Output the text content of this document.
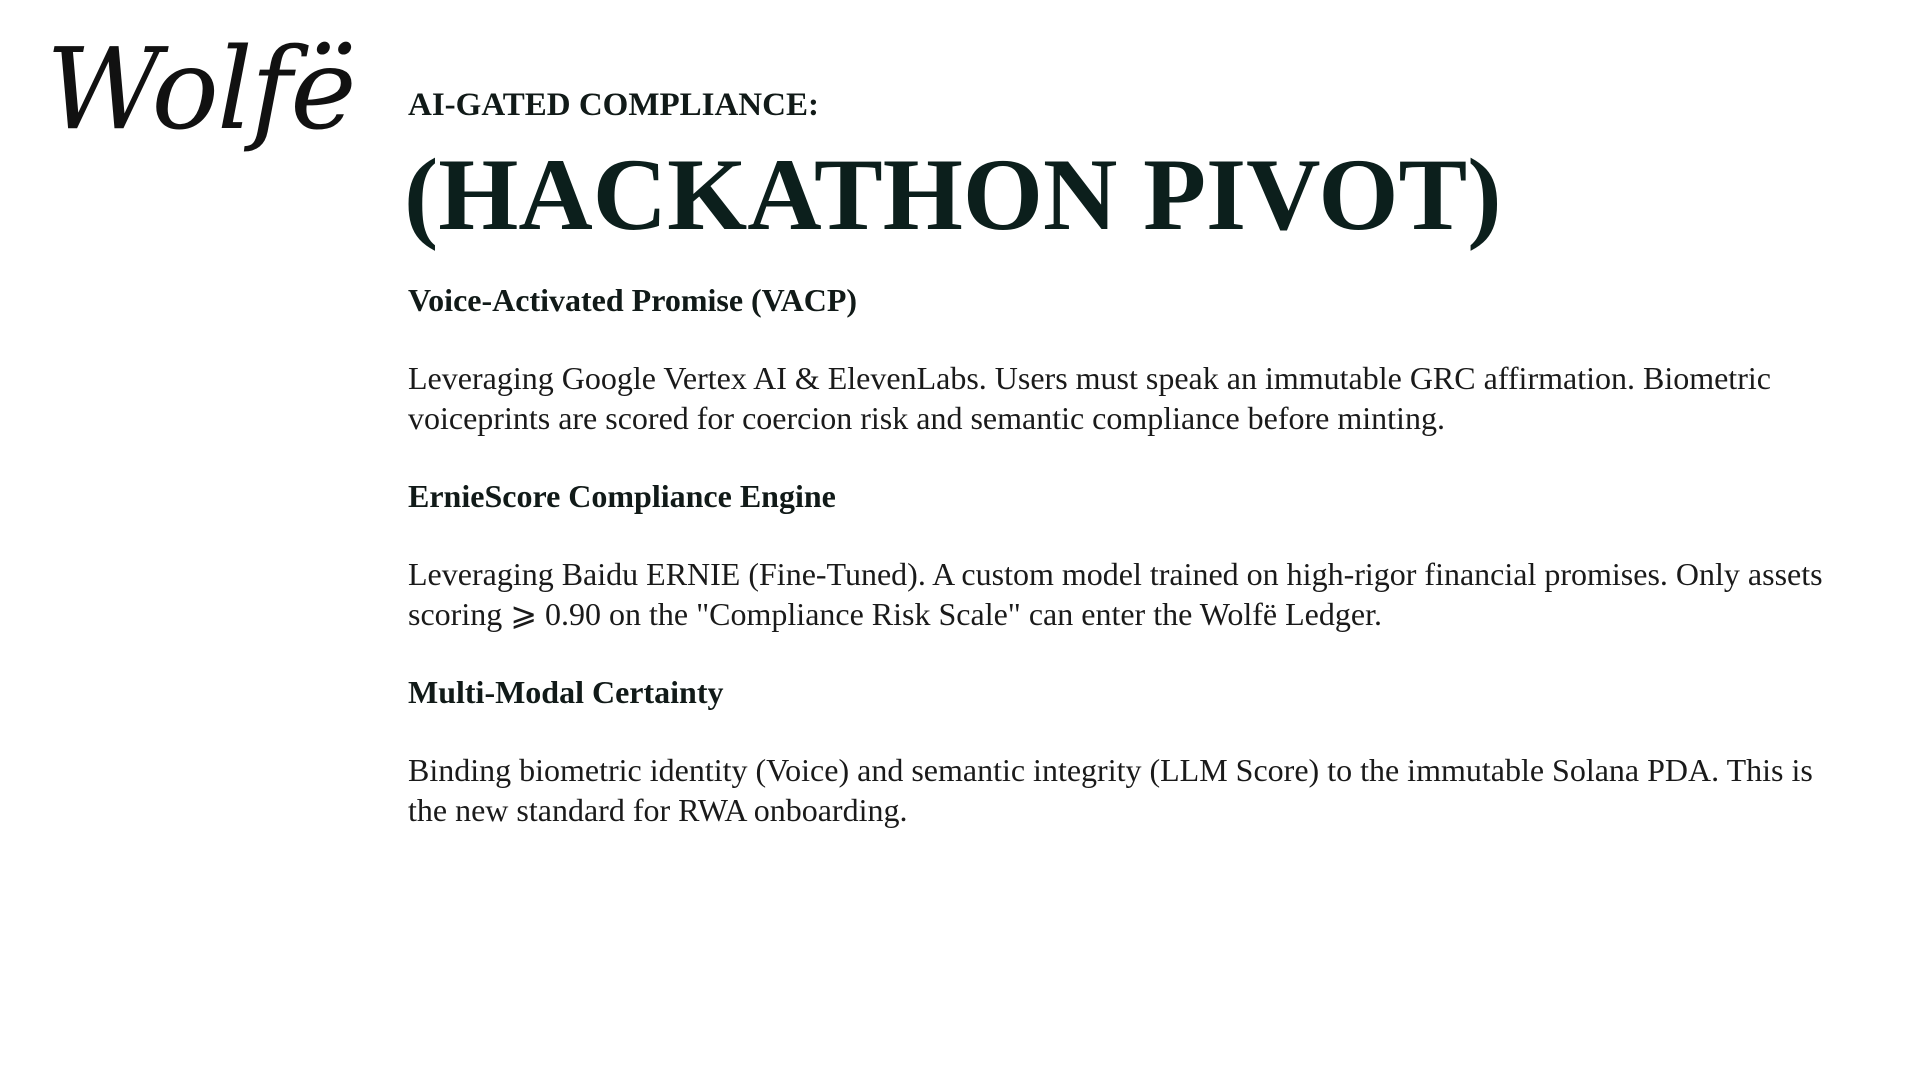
Wolfë AI-GATED COMPLIANCE:
(HACKATHON PIVOT)
Voice-Activated Promise (VACP)

Leveraging Google Vertex AI & ElevenLabs. Users must speak an immutable GRC affirmation. Biometric voiceprints are scored for coercion risk and semantic compliance before minting.

ErnieScore Compliance Engine

Leveraging Baidu ERNIE (Fine-Tuned). A custom model trained on high-rigor financial promises. Only assets scoring ⩾ 0.90 on the "Compliance Risk Scale" can enter the Wolfë Ledger.

Multi-Modal Certainty

Binding biometric identity (Voice) and semantic integrity (LLM Score) to the immutable Solana PDA. This is the new standard for RWA onboarding.
